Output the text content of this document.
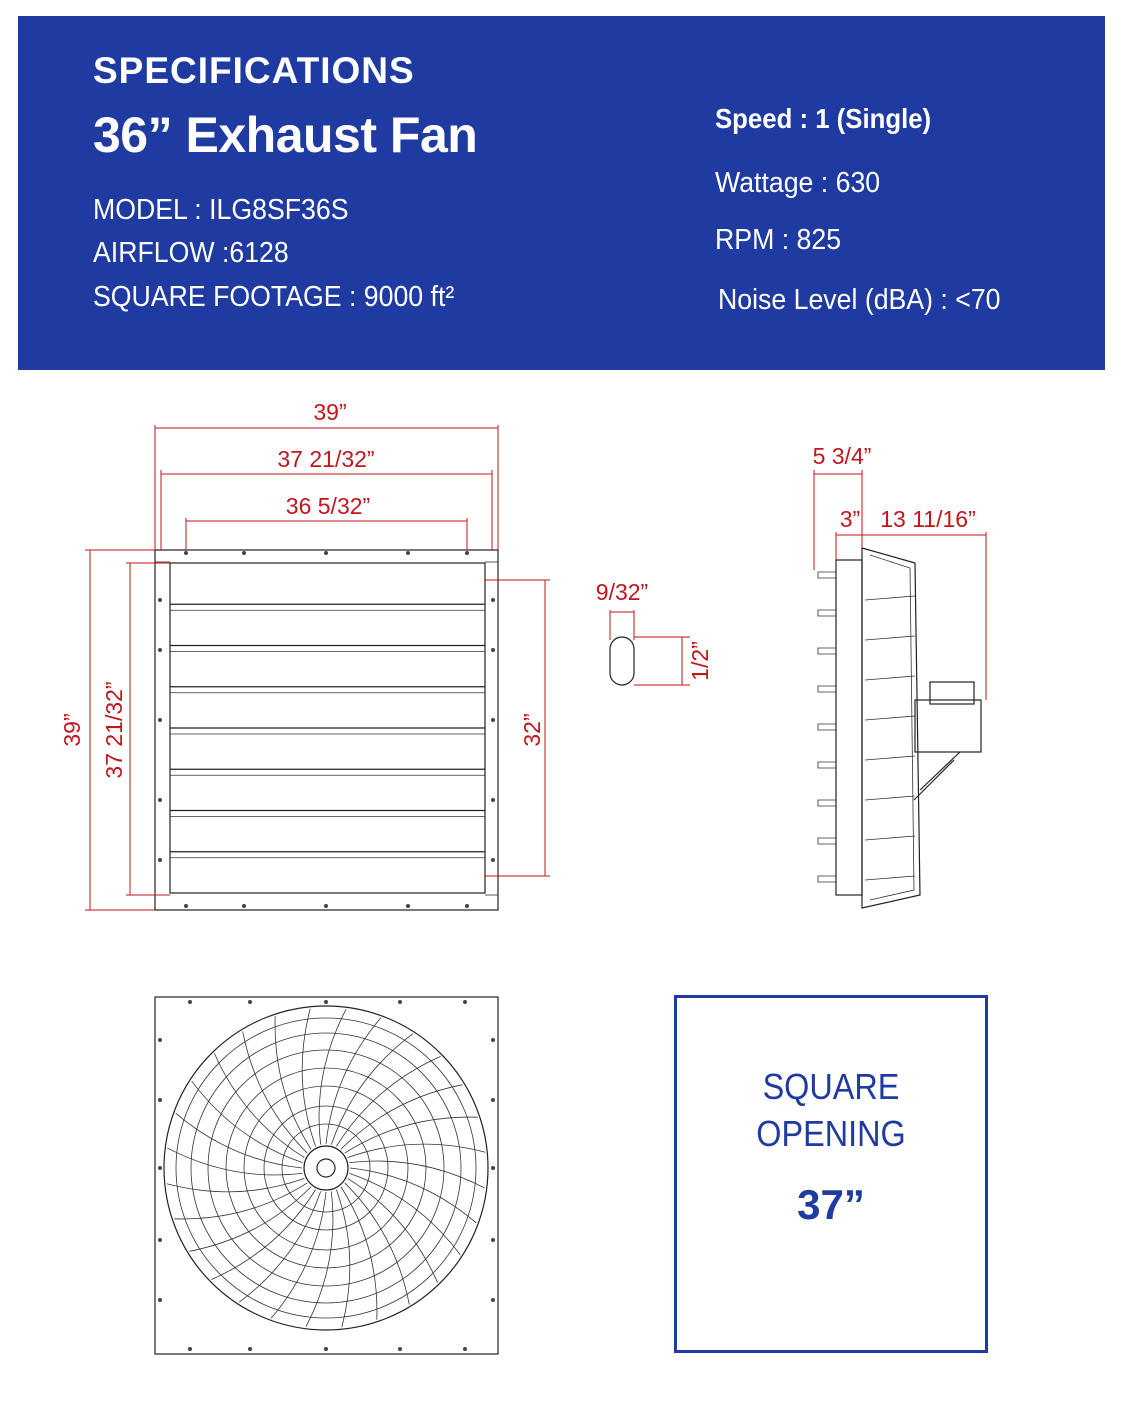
SPECIFICATIONS
36” Exhaust Fan
MODEL : ILG8SF36S
AIRFLOW :6128
SQUARE FOOTAGE : 9000 ft²
Speed : 1 (Single)
Wattage : 630
RPM : 825
Noise Level (dBA) : <70
39”
37 21/32”
36 5/32”
39” 37 21/32”	32”
9/32”
1/2”
5 3/4”
3” 13 11/16”
SQUARE
OPENING
37”
